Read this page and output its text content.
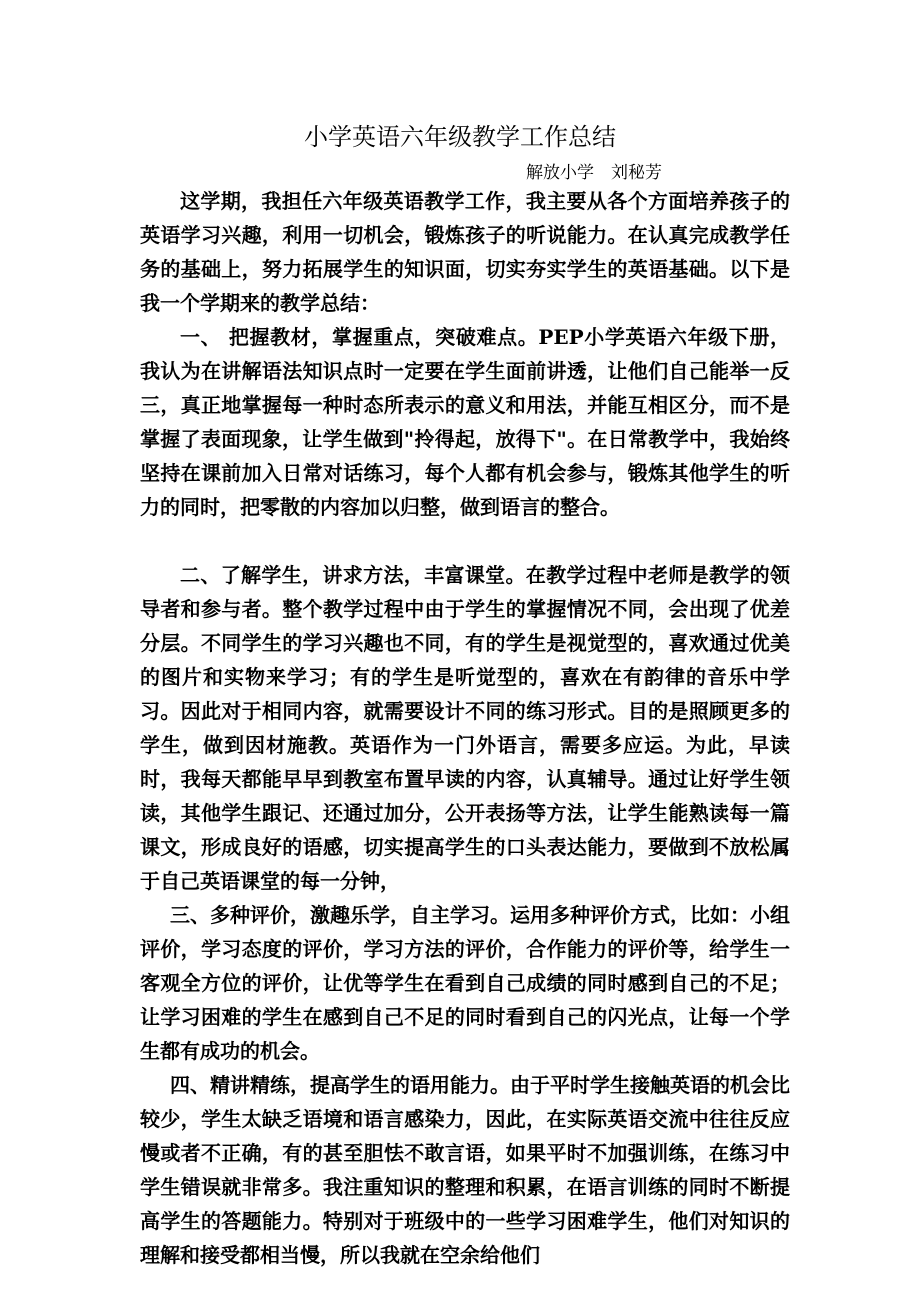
小学英语六年级教学工作总结

解放小学　刘秘芳

这学期，我担任六年级英语教学工作，我主要从各个方面培养孩子的英语学习兴趣，利用一切机会，锻炼孩子的听说能力。在认真完成教学任务的基础上，努力拓展学生的知识面，切实夯实学生的英语基础。以下是我一个学期来的教学总结：

一、 把握教材，掌握重点，突破难点。PEP小学英语六年级下册，我认为在讲解语法知识点时一定要在学生面前讲透，让他们自己能举一反三，真正地掌握每一种时态所表示的意义和用法，并能互相区分，而不是掌握了表面现象，让学生做到"拎得起，放得下"。在日常教学中，我始终坚持在课前加入日常对话练习，每个人都有机会参与，锻炼其他学生的听力的同时，把零散的内容加以归整，做到语言的整合。

二、了解学生，讲求方法，丰富课堂。在教学过程中老师是教学的领导者和参与者。整个教学过程中由于学生的掌握情况不同，会出现了优差分层。不同学生的学习兴趣也不同，有的学生是视觉型的，喜欢通过优美的图片和实物来学习；有的学生是听觉型的，喜欢在有韵律的音乐中学习。因此对于相同内容，就需要设计不同的练习形式。目的是照顾更多的学生，做到因材施教。英语作为一门外语言，需要多应运。为此，早读时，我每天都能早早到教室布置早读的内容，认真辅导。通过让好学生领读，其他学生跟记、还通过加分，公开表扬等方法，让学生能熟读每一篇课文，形成良好的语感，切实提高学生的口头表达能力，要做到不放松属于自己英语课堂的每一分钟，

三、多种评价，激趣乐学，自主学习。运用多种评价方式，比如：小组评价，学习态度的评价，学习方法的评价，合作能力的评价等，给学生一客观全方位的评价，让优等学生在看到自己成绩的同时感到自己的不足；让学习困难的学生在感到自己不足的同时看到自己的闪光点，让每一个学生都有成功的机会。

四、精讲精练，提高学生的语用能力。由于平时学生接触英语的机会比较少，学生太缺乏语境和语言感染力，因此，在实际英语交流中往往反应慢或者不正确，有的甚至胆怯不敢言语，如果平时不加强训练，在练习中学生错误就非常多。我注重知识的整理和积累，在语言训练的同时不断提高学生的答题能力。特别对于班级中的一些学习困难学生，他们对知识的理解和接受都相当慢，所以我就在空余给他们
